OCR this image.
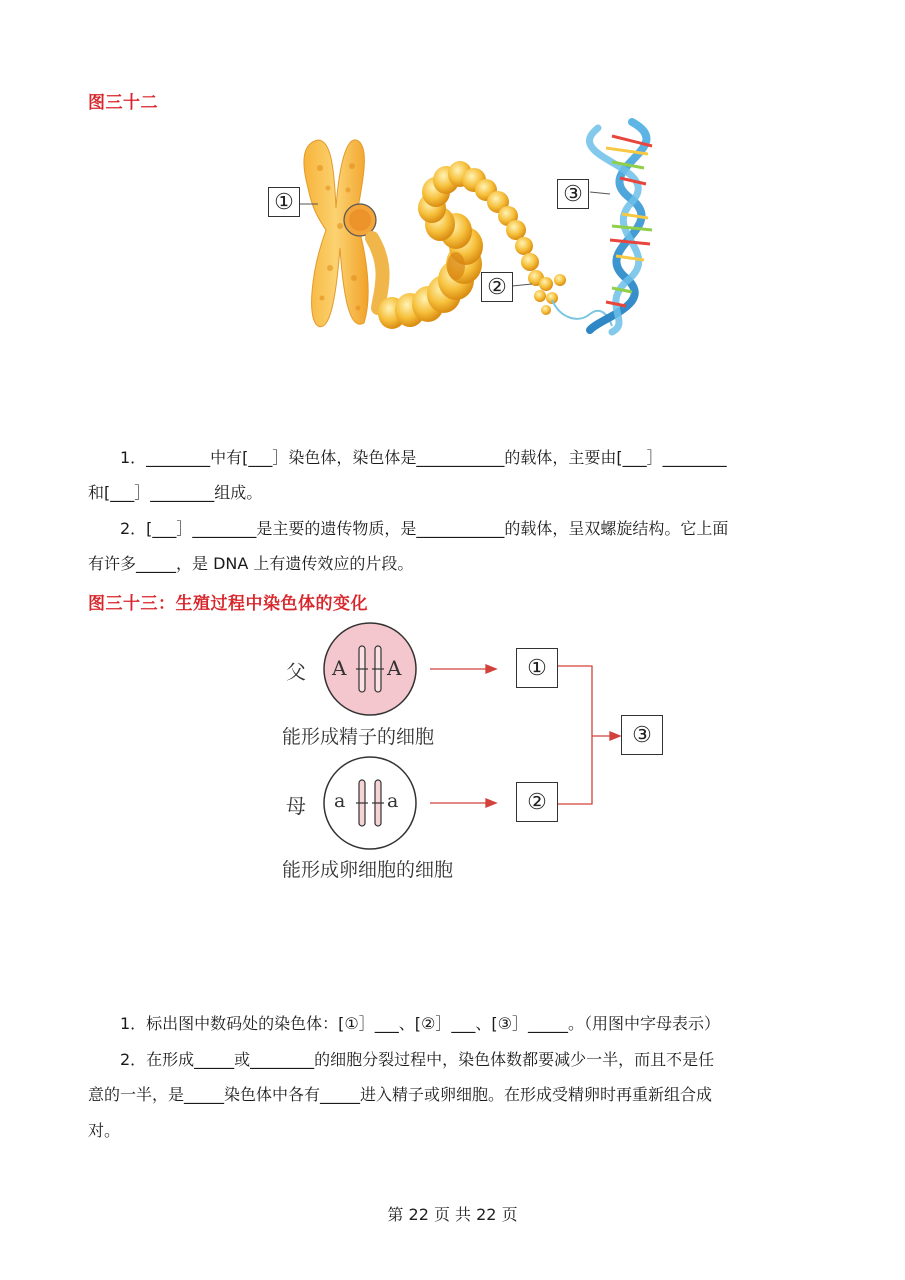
图三十二
①
②
③
1．________中有[___］染色体，染色体是___________的载体，主要由[___］________
和[___］________组成。
2．[___］________是主要的遗传物质，是___________的载体，呈双螺旋结构。它上面
有许多_____，是 DNA 上有遗传效应的片段。
图三十三：生殖过程中染色体的变化
父
母
A A
a a
能形成精子的细胞
能形成卵细胞的细胞
①
②
③
1．标出图中数码处的染色体：[①］___、[②］___、[③］_____。（用图中字母表示）
2．在形成_____或________的细胞分裂过程中，染色体数都要减少一半，而且不是任
意的一半，是_____染色体中各有_____进入精子或卵细胞。在形成受精卵时再重新组合成
对。
第 22 页 共 22 页
